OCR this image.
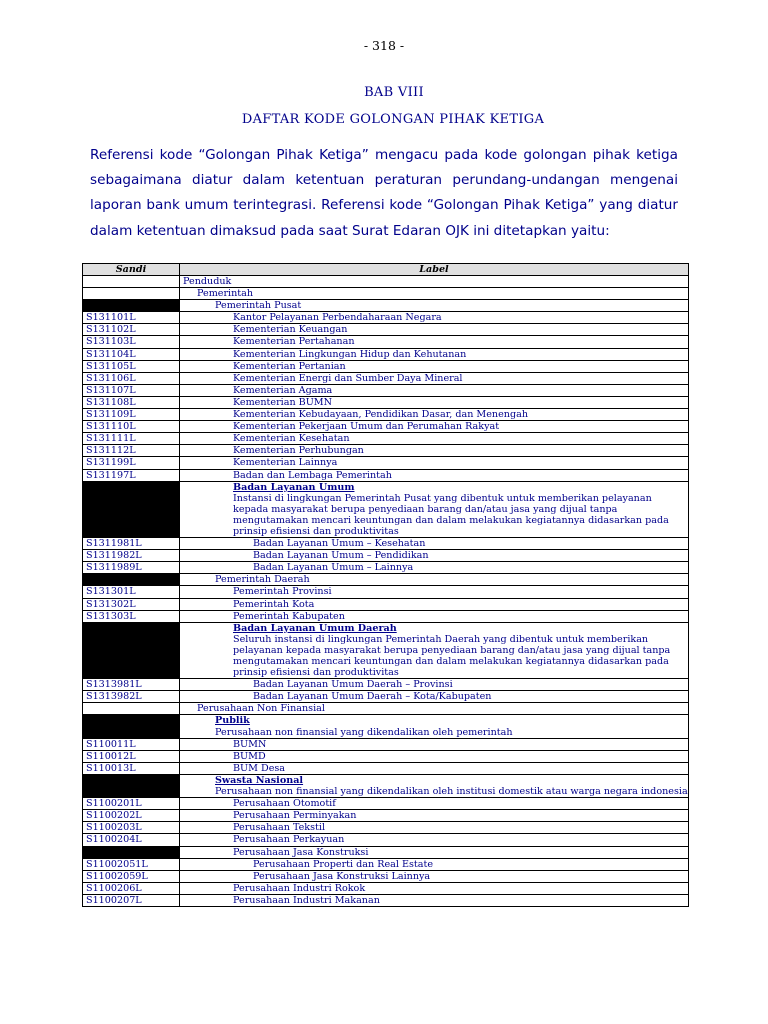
- 318 -
BAB VIII
DAFTAR KODE GOLONGAN PIHAK KETIGA

Referensi kode “Golongan Pihak Ketiga” mengacu pada kode golongan pihak ketiga sebagaimana diatur dalam ketentuan peraturan perundang-undangan mengenai laporan bank umum terintegrasi. Referensi kode “Golongan Pihak Ketiga” yang diatur dalam ketentuan dimaksud pada saat Surat Edaran OJK ini ditetapkan yaitu:

Sandi	Label

	Penduduk

	Pemerintah

	Pemerintah Pusat

S131101L	Kantor Pelayanan Perbendaharaan Negara

S131102L	Kementerian Keuangan

S131103L	Kementerian Pertahanan

S131104L	Kementerian Lingkungan Hidup dan Kehutanan

S131105L	Kementerian Pertanian

S131106L	Kementerian Energi dan Sumber Daya Mineral

S131107L	Kementerian Agama

S131108L	Kementerian BUMN

S131109L	Kementerian Kebudayaan, Pendidikan Dasar, dan Menengah

S131110L	Kementerian Pekerjaan Umum dan Perumahan Rakyat

S131111L	Kementerian Kesehatan

S131112L	Kementerian Perhubungan

S131199L	Kementerian Lainnya

S131197L	Badan dan Lembaga Pemerintah

	Badan Layanan Umum
Instansi di lingkungan Pemerintah Pusat yang dibentuk untuk memberikan pelayanan kepada masyarakat berupa penyediaan barang dan/atau jasa yang dijual tanpa mengutamakan mencari keuntungan dan dalam melakukan kegiatannya didasarkan pada prinsip efisiensi dan produktivitas

S1311981L	Badan Layanan Umum – Kesehatan

S1311982L	Badan Layanan Umum – Pendidikan

S1311989L	Badan Layanan Umum – Lainnya

	Pemerintah Daerah

S131301L	Pemerintah Provinsi

S131302L	Pemerintah Kota

S131303L	Pemerintah Kabupaten

	Badan Layanan Umum Daerah
Seluruh instansi di lingkungan Pemerintah Daerah yang dibentuk untuk memberikan pelayanan kepada masyarakat berupa penyediaan barang dan/atau jasa yang dijual tanpa mengutamakan mencari keuntungan dan dalam melakukan kegiatannya didasarkan pada prinsip efisiensi dan produktivitas

S1313981L	Badan Layanan Umum Daerah – Provinsi

S1313982L	Badan Layanan Umum Daerah – Kota/Kabupaten

	Perusahaan Non Finansial

	Publik
Perusahaan non finansial yang dikendalikan oleh pemerintah

S110011L	BUMN

S110012L	BUMD

S110013L	BUM Desa

	Swasta Nasional
Perusahaan non finansial yang dikendalikan oleh institusi domestik atau warga negara indonesia

S1100201L	Perusahaan Otomotif

S1100202L	Perusahaan Perminyakan

S1100203L	Perusahaan Tekstil

S1100204L	Perusahaan Perkayuan

	Perusahaan Jasa Konstruksi

S11002051L	Perusahaan Properti dan Real Estate

S11002059L	Perusahaan Jasa Konstruksi Lainnya

S1100206L	Perusahaan Industri Rokok

S1100207L	Perusahaan Industri Makanan
